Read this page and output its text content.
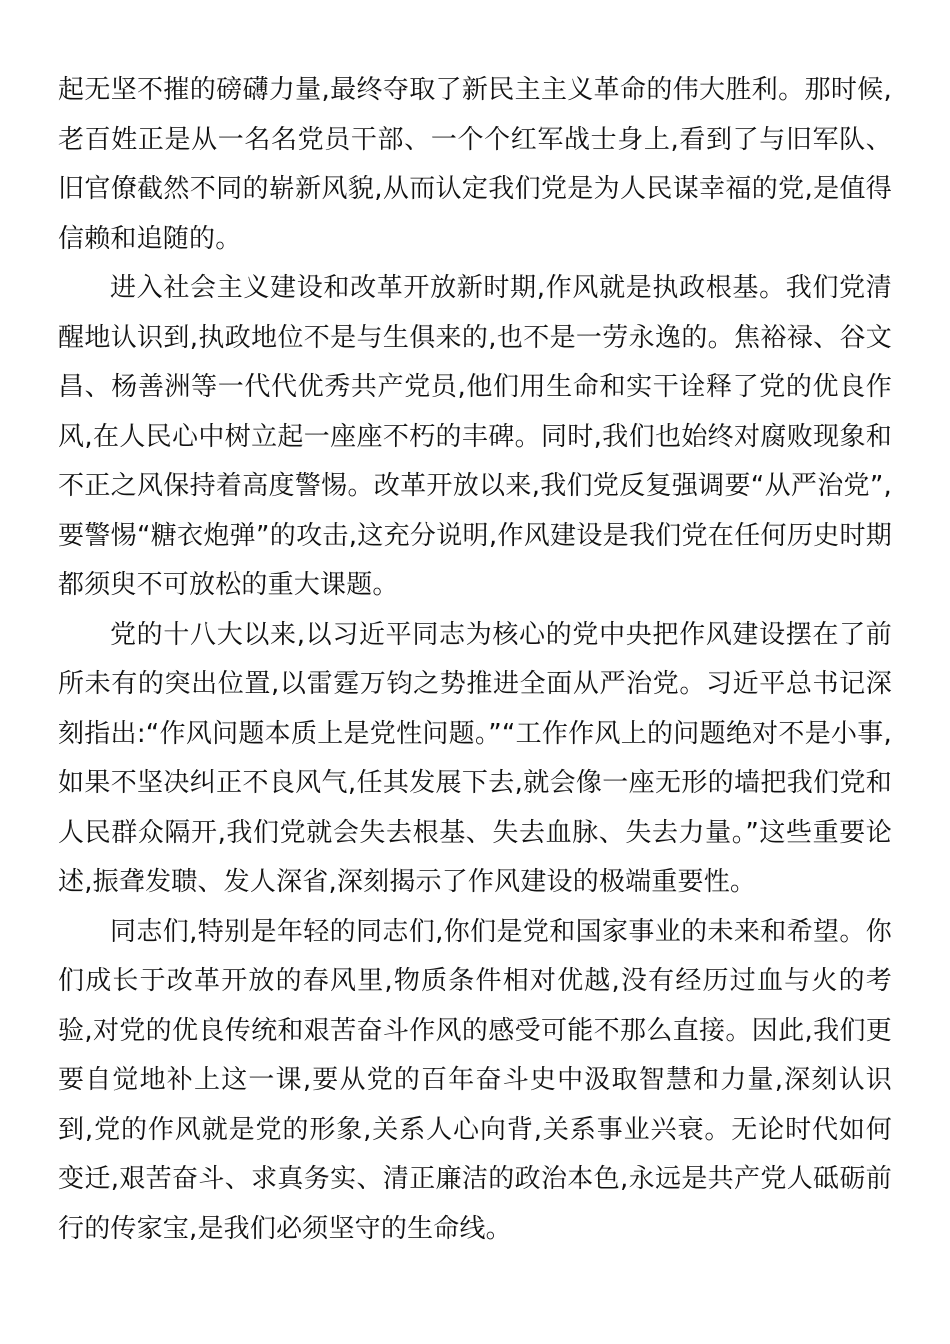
起无坚不摧的磅礴力量,最终夺取了新民主主义革命的伟大胜利。那时候,老百姓正是从一名名党员干部、一个个红军战士身上,看到了与旧军队、旧官僚截然不同的崭新风貌,从而认定我们党是为人民谋幸福的党,是值得信赖和追随的。

进入社会主义建设和改革开放新时期,作风就是执政根基。我们党清醒地认识到,执政地位不是与生俱来的,也不是一劳永逸的。焦裕禄、谷文昌、杨善洲等一代代优秀共产党员,他们用生命和实干诠释了党的优良作风,在人民心中树立起一座座不朽的丰碑。同时,我们也始终对腐败现象和不正之风保持着高度警惕。改革开放以来,我们党反复强调要“从严治党”,要警惕“糖衣炮弹”的攻击,这充分说明,作风建设是我们党在任何历史时期都须臾不可放松的重大课题。

党的十八大以来,以习近平同志为核心的党中央把作风建设摆在了前所未有的突出位置,以雷霆万钧之势推进全面从严治党。习近平总书记深刻指出:“作风问题本质上是党性问题。”“工作作风上的问题绝对不是小事,如果不坚决纠正不良风气,任其发展下去,就会像一座无形的墙把我们党和人民群众隔开,我们党就会失去根基、失去血脉、失去力量。”这些重要论述,振聋发聩、发人深省,深刻揭示了作风建设的极端重要性。

同志们,特别是年轻的同志们,你们是党和国家事业的未来和希望。你们成长于改革开放的春风里,物质条件相对优越,没有经历过血与火的考验,对党的优良传统和艰苦奋斗作风的感受可能不那么直接。因此,我们更要自觉地补上这一课,要从党的百年奋斗史中汲取智慧和力量,深刻认识到,党的作风就是党的形象,关系人心向背,关系事业兴衰。无论时代如何变迁,艰苦奋斗、求真务实、清正廉洁的政治本色,永远是共产党人砥砺前行的传家宝,是我们必须坚守的生命线。
